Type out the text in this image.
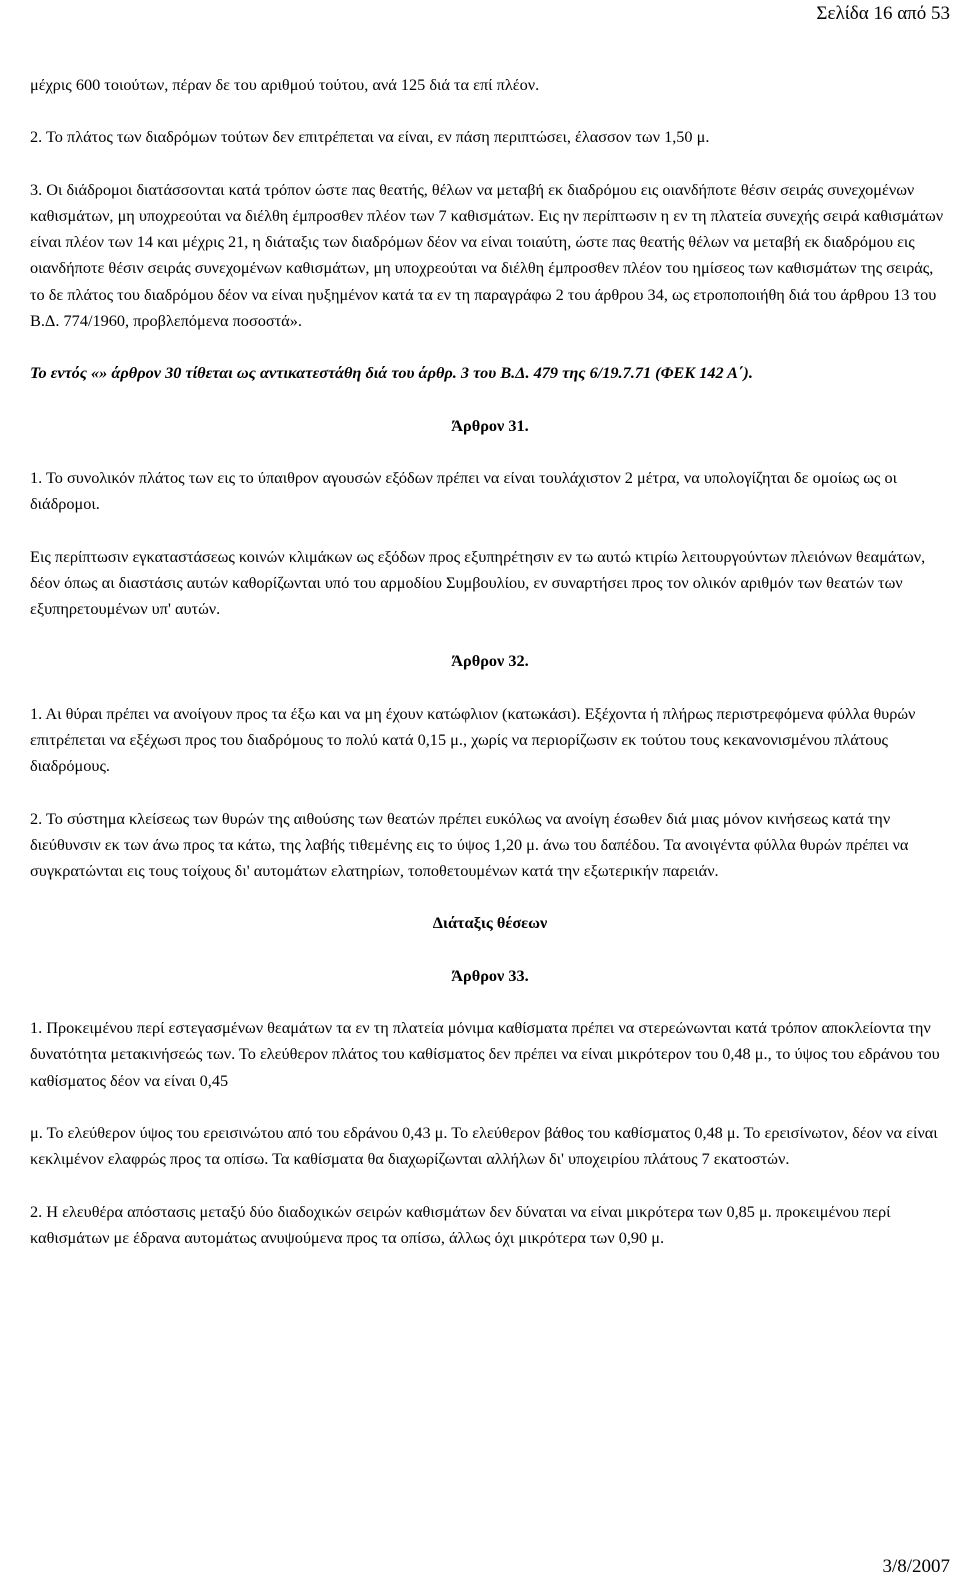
Σελίδα 16 από 53

μέχρις 600 τοιούτων, πέραν δε του αριθμού τούτου, ανά 125 διά τα επί πλέον.

2. Το πλάτος των διαδρόμων τούτων δεν επιτρέπεται να είναι, εν πάση περιπτώσει, έλασσον των 1,50 μ.

3. Οι διάδρομοι διατάσσονται κατά τρόπον ώστε πας θεατής, θέλων να μεταβή εκ διαδρόμου εις οιανδήποτε θέσιν σειράς συνεχομένων καθισμάτων, μη υποχρεούται να διέλθη έμπροσθεν πλέον των 7 καθισμάτων. Εις ην περίπτωσιν η εν τη πλατεία συνεχής σειρά καθισμάτων είναι πλέον των 14 και μέχρις 21, η διάταξις των διαδρόμων δέον να είναι τοιαύτη, ώστε πας θεατής θέλων να μεταβή εκ διαδρόμου εις οιανδήποτε θέσιν σειράς συνεχομένων καθισμάτων, μη υποχρεούται να διέλθη έμπροσθεν πλέον του ημίσεος των καθισμάτων της σειράς, το δε πλάτος του διαδρόμου δέον να είναι ηυξημένον κατά τα εν τη παραγράφω 2 του άρθρου 34, ως ετροποποιήθη διά του άρθρου 13 του Β.Δ. 774/1960, προβλεπόμενα ποσοστά».

Το εντός «» άρθρον 30 τίθεται ως αντικατεστάθη διά του άρθρ. 3 του Β.Δ. 479 της 6/19.7.71 (ΦΕΚ 142 Α΄).

Άρθρον 31.

1. Το συνολικόν πλάτος των εις το ύπαιθρον αγουσών εξόδων πρέπει να είναι τουλάχιστον 2 μέτρα, να υπολογίζηται δε ομοίως ως οι διάδρομοι.

Εις περίπτωσιν εγκαταστάσεως κοινών κλιμάκων ως εξόδων προς εξυπηρέτησιν εν τω αυτώ κτιρίω λειτουργούντων πλειόνων θεαμάτων, δέον όπως αι διαστάσις αυτών καθορίζωνται υπό του αρμοδίου Συμβουλίου, εν συναρτήσει προς τον ολικόν αριθμόν των θεατών των εξυπηρετουμένων υπ' αυτών.

Άρθρον 32.

1. Αι θύραι πρέπει να ανοίγουν προς τα έξω και να μη έχουν κατώφλιον (κατωκάσι). Εξέχοντα ή πλήρως περιστρεφόμενα φύλλα θυρών επιτρέπεται να εξέχωσι προς του διαδρόμους το πολύ κατά 0,15 μ., χωρίς να περιορίζωσιν εκ τούτου τους κεκανονισμένου πλάτους διαδρόμους.

2. Το σύστημα κλείσεως των θυρών της αιθούσης των θεατών πρέπει ευκόλως να ανοίγη έσωθεν διά μιας μόνον κινήσεως κατά την διεύθυνσιν εκ των άνω προς τα κάτω, της λαβής τιθεμένης εις το ύψος 1,20 μ. άνω του δαπέδου. Τα ανοιγέντα φύλλα θυρών πρέπει να συγκρατώνται εις τους τοίχους δι' αυτομάτων ελατηρίων, τοποθετουμένων κατά την εξωτερικήν παρειάν.

Διάταξις θέσεων
Άρθρον 33.

1. Προκειμένου περί εστεγασμένων θεαμάτων τα εν τη πλατεία μόνιμα καθίσματα πρέπει να στερεώνωνται κατά τρόπον αποκλείοντα την δυνατότητα μετακινήσεώς των. Το ελεύθερον πλάτος του καθίσματος δεν πρέπει να είναι μικρότερον του 0,48 μ., το ύψος του εδράνου του καθίσματος δέον να είναι 0,45

μ. Το ελεύθερον ύψος του ερεισινώτου από του εδράνου 0,43 μ. Το ελεύθερον βάθος του καθίσματος 0,48 μ. Το ερεισίνωτον, δέον να είναι κεκλιμένον ελαφρώς προς τα οπίσω. Τα καθίσματα θα διαχωρίζωνται αλλήλων δι' υποχειρίου πλάτους 7 εκατοστών.

2. Η ελευθέρα απόστασις μεταξύ δύο διαδοχικών σειρών καθισμάτων δεν δύναται να είναι μικρότερα των 0,85 μ. προκειμένου περί καθισμάτων με έδρανα αυτομάτως ανυψούμενα προς τα οπίσω, άλλως όχι μικρότερα των 0,90 μ.

3/8/2007
